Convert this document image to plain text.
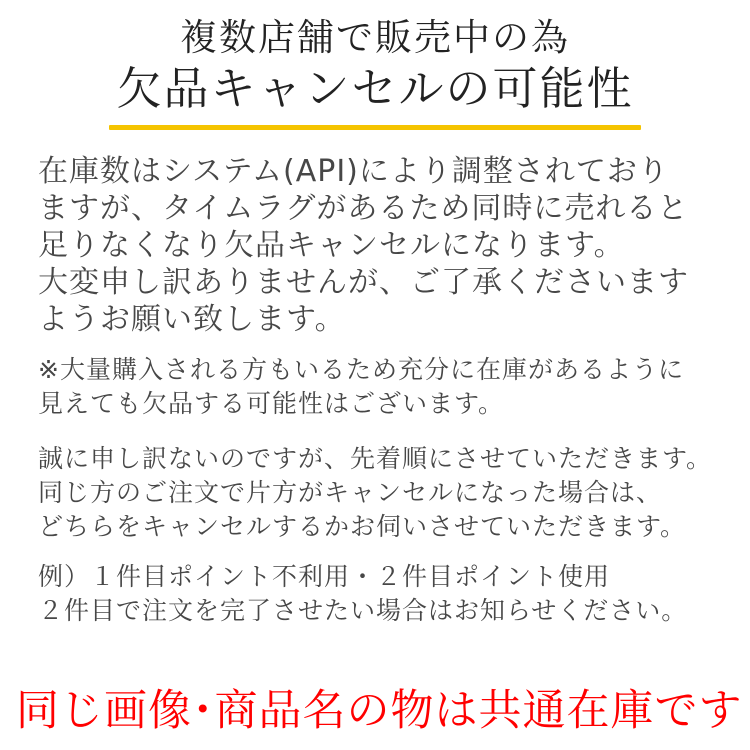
複数店舗で販売中の為
欠品キャンセルの可能性
在庫数はシステム(API)により調整されており
ますが、タイムラグがあるため同時に売れると
足りなくなり欠品キャンセルになります。
大変申し訳ありませんが、ご了承くださいます
ようお願い致します。
※大量購入される方もいるため充分に在庫があるように
見えても欠品する可能性はございます。
誠に申し訳ないのですが、先着順にさせていただきます。
同じ方のご注文で片方がキャンセルになった場合は、
どちらをキャンセルするかお伺いさせていただきます。
例）１件目ポイント不利用・２件目ポイント使用
２件目で注文を完了させたい場合はお知らせください。
同じ画像･商品名の物は共通在庫です
